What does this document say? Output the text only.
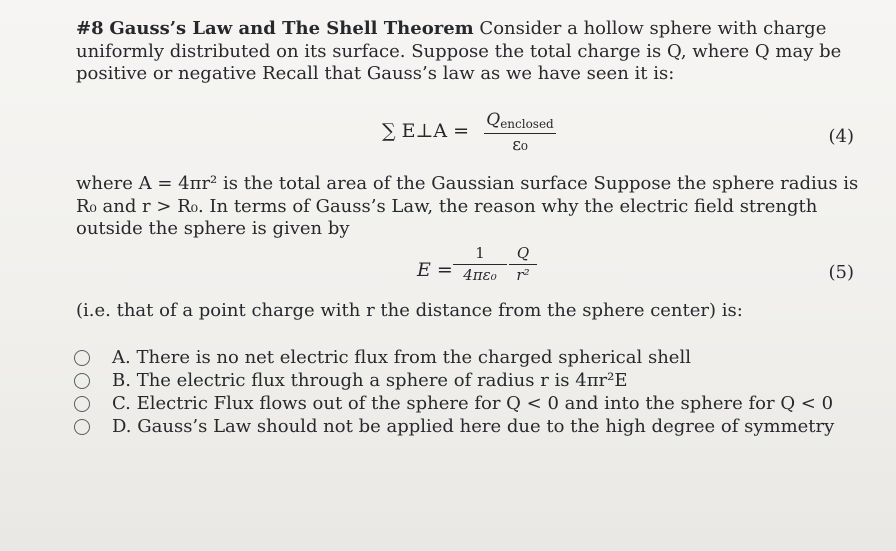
#8 Gauss’s Law and The Shell Theorem Consider a hollow sphere with charge uniformly distributed on its surface. Suppose the total charge is Q, where Q may be positive or negative Recall that Gauss’s law as we have seen it is:

∑ E⊥A = $Q_{enclosed}$
ε₀	(4)

where A = 4πr² is the total area of the Gaussian surface Suppose the sphere radius is R₀ and r > R₀. In terms of Gauss’s Law, the reason why the electric field strength outside the sphere is given by

E =
1
4πε₀
Q
r²	(5)

(i.e. that of a point charge with r the distance from the sphere center) is:

A. There is no net electric flux from the charged spherical shell
B. The electric flux through a sphere of radius r is 4πr²E
C. Electric Flux flows out of the sphere for Q < 0 and into the sphere for Q < 0
D. Gauss’s Law should not be applied here due to the high degree of symmetry
